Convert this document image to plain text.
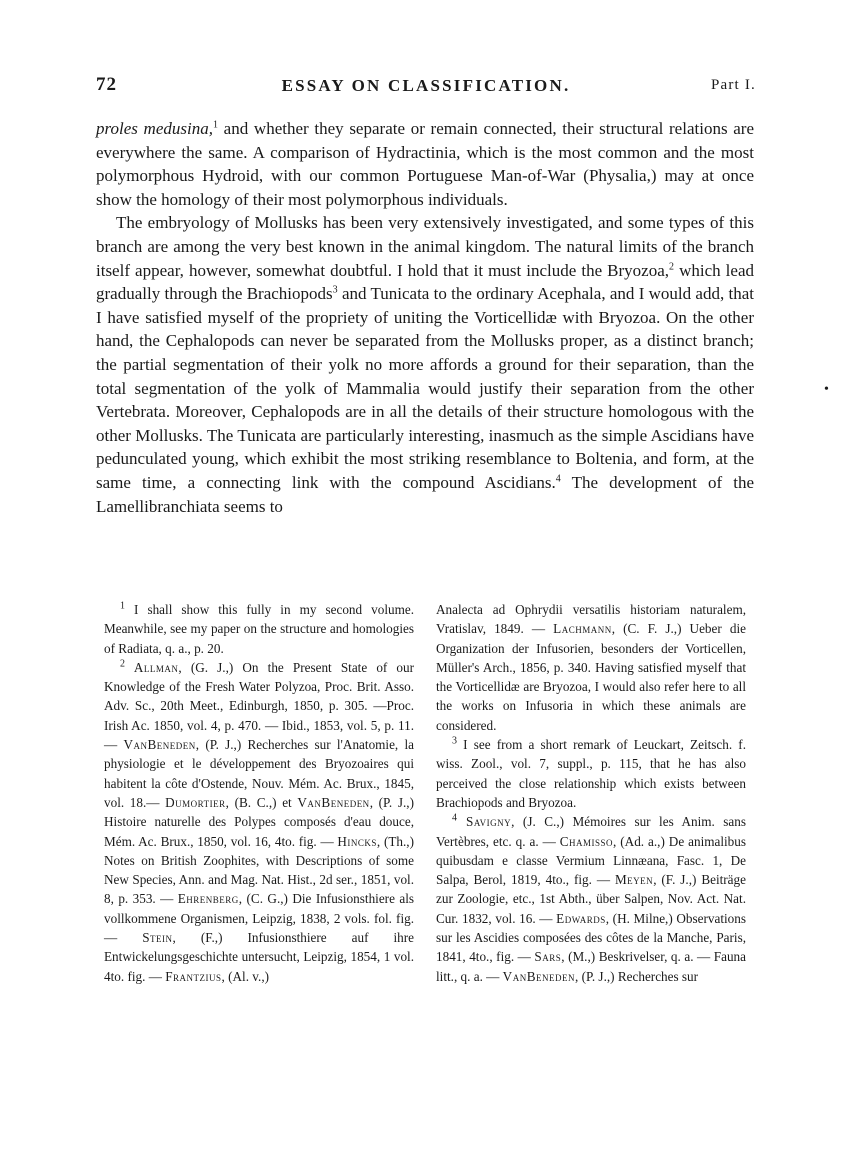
72	ESSAY ON CLASSIFICATION.	Part I.

proles medusina,$^1$ and whether they separate or remain connected, their structural relations are everywhere the same. A comparison of Hydractinia, which is the most common and the most polymorphous Hydroid, with our common Portuguese Man-of-War (Physalia,) may at once show the homology of their most polymorphous individuals.

The embryology of Mollusks has been very extensively investigated, and some types of this branch are among the very best known in the animal kingdom. The natural limits of the branch itself appear, however, somewhat doubtful. I hold that it must include the Bryozoa,$^2$ which lead gradually through the Brachiopods$^3$ and Tunicata to the ordinary Acephala, and I would add, that I have satisfied myself of the propriety of uniting the Vorticellidæ with Bryozoa. On the other hand, the Cephalopods can never be separated from the Mollusks proper, as a distinct branch; the partial segmentation of their yolk no more affords a ground for their separation, than the total segmentation of the yolk of Mammalia would justify their separation from the other Vertebrata. Moreover, Cephalopods are in all the details of their structure homologous with the other Mollusks. The Tunicata are particularly interesting, inasmuch as the simple Ascidians have pedunculated young, which exhibit the most striking resemblance to Boltenia, and form, at the same time, a connecting link with the compound Ascidians.$^4$ The development of the Lamellibranchiata seems to

•

$^1$ I shall show this fully in my second volume. Meanwhile, see my paper on the structure and homologies of Radiata, q. a., p. 20.

$^2$ Allman, (G. J.,) On the Present State of our Knowledge of the Fresh Water Polyzoa, Proc. Brit. Asso. Adv. Sc., 20th Meet., Edinburgh, 1850, p. 305. —Proc. Irish Ac. 1850, vol. 4, p. 470. — Ibid., 1853, vol. 5, p. 11. — VanBeneden, (P. J.,) Recherches sur l'Anatomie, la physiologie et le développement des Bryozoaires qui habitent la côte d'Ostende, Nouv. Mém. Ac. Brux., 1845, vol. 18.— Dumortier, (B. C.,) et VanBeneden, (P. J.,) Histoire naturelle des Polypes composés d'eau douce, Mém. Ac. Brux., 1850, vol. 16, 4to. fig. — Hincks, (Th.,) Notes on British Zoophites, with Descriptions of some New Species, Ann. and Mag. Nat. Hist., 2d ser., 1851, vol. 8, p. 353. — Ehrenberg, (C. G.,) Die Infusionsthiere als vollkommene Organismen, Leipzig, 1838, 2 vols. fol. fig. — Stein, (F.,) Infusionsthiere auf ihre Entwickelungsgeschichte untersucht, Leipzig, 1854, 1 vol. 4to. fig. — Frantzius, (Al. v.,)

Analecta ad Ophrydii versatilis historiam naturalem, Vratislav, 1849. — Lachmann, (C. F. J.,) Ueber die Organization der Infusorien, besonders der Vorticellen, Müller's Arch., 1856, p. 340. Having satisfied myself that the Vorticellidæ are Bryozoa, I would also refer here to all the works on Infusoria in which these animals are considered.

$^3$ I see from a short remark of Leuckart, Zeitsch. f. wiss. Zool., vol. 7, suppl., p. 115, that he has also perceived the close relationship which exists between Brachiopods and Bryozoa.

$^4$ Savigny, (J. C.,) Mémoires sur les Anim. sans Vertèbres, etc. q. a. — Chamisso, (Ad. a.,) De animalibus quibusdam e classe Vermium Linnæana, Fasc. 1, De Salpa, Berol, 1819, 4to., fig. — Meyen, (F. J.,) Beiträge zur Zoologie, etc., 1st Abth., über Salpen, Nov. Act. Nat. Cur. 1832, vol. 16. — Edwards, (H. Milne,) Observations sur les Ascidies composées des côtes de la Manche, Paris, 1841, 4to., fig. — Sars, (M.,) Beskrivelser, q. a. — Fauna litt., q. a. — VanBeneden, (P. J.,) Recherches sur
